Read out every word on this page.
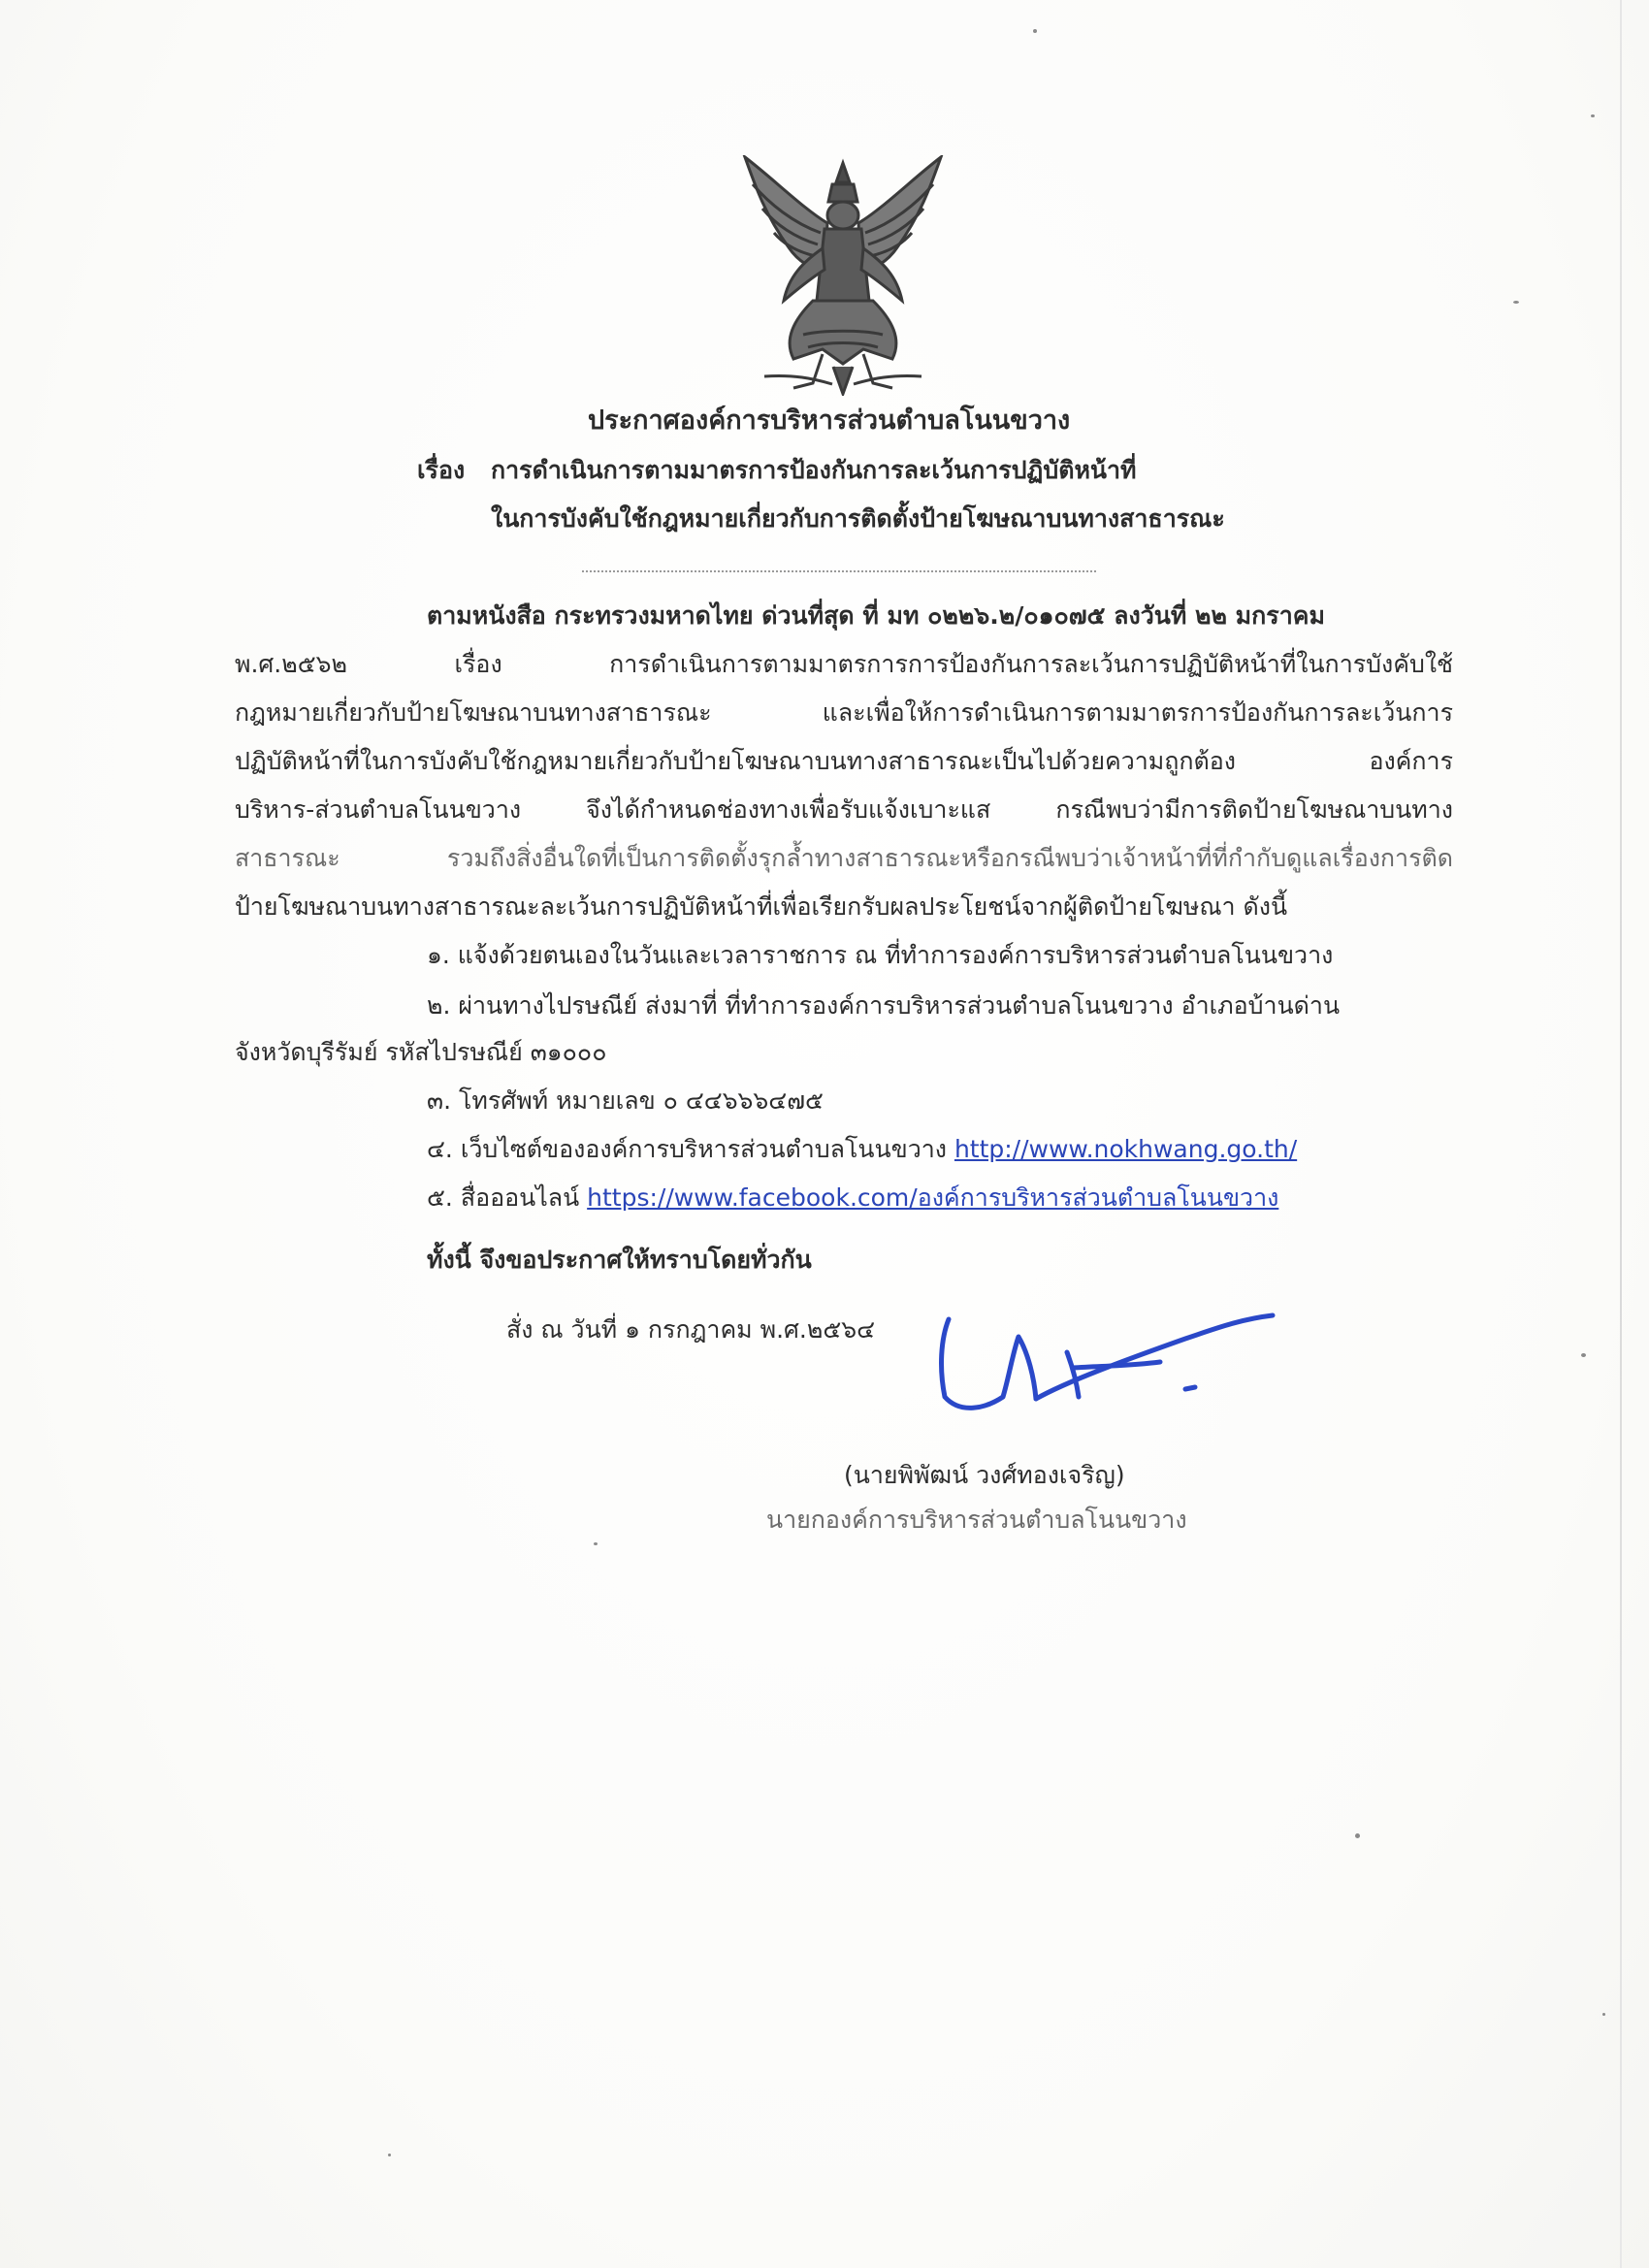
ประกาศองค์การบริหารส่วนตำบลโนนขวาง
เรื่อง การดำเนินการตามมาตรการป้องกันการละเว้นการปฏิบัติหน้าที่
ในการบังคับใช้กฎหมายเกี่ยวกับการติดตั้งป้ายโฆษณาบนทางสาธารณะ
ตามหนังสือ กระทรวงมหาดไทย ด่วนที่สุด ที่ มท ๐๒๒๖.๒/๐๑๐๗๕ ลงวันที่ ๒๒ มกราคม
พ.ศ.๒๕๖๒ เรื่อง การดำเนินการตามมาตรการการป้องกันการละเว้นการปฏิบัติหน้าที่ในการบังคับใช้
กฎหมายเกี่ยวกับป้ายโฆษณาบนทางสาธารณะ และเพื่อให้การดำเนินการตามมาตรการป้องกันการละเว้นการ
ปฏิบัติหน้าที่ในการบังคับใช้กฎหมายเกี่ยวกับป้ายโฆษณาบนทางสาธารณะเป็นไปด้วยความถูกต้อง องค์การ
บริหาร-ส่วนตำบลโนนขวาง จึงได้กำหนดช่องทางเพื่อรับแจ้งเบาะแส กรณีพบว่ามีการติดป้ายโฆษณาบนทาง
สาธารณะ รวมถึงสิ่งอื่นใดที่เป็นการติดตั้งรุกล้ำทางสาธารณะหรือกรณีพบว่าเจ้าหน้าที่ที่กำกับดูแลเรื่องการติด
ป้ายโฆษณาบนทางสาธารณะละเว้นการปฏิบัติหน้าที่เพื่อเรียกรับผลประโยชน์จากผู้ติดป้ายโฆษณา ดังนี้
๑. แจ้งด้วยตนเองในวันและเวลาราชการ ณ ที่ทำการองค์การบริหารส่วนตำบลโนนขวาง
๒. ผ่านทางไปรษณีย์ ส่งมาที่ ที่ทำการองค์การบริหารส่วนตำบลโนนขวาง อำเภอบ้านด่าน
จังหวัดบุรีรัมย์ รหัสไปรษณีย์ ๓๑๐๐๐
๓. โทรศัพท์ หมายเลข ๐ ๔๔๖๖๖๔๗๕
๔. เว็บไซต์ขององค์การบริหารส่วนตำบลโนนขวาง http://www.nokhwang.go.th/
๕. สื่อออนไลน์ https://www.facebook.com/องค์การบริหารส่วนตำบลโนนขวาง
ทั้งนี้ จึงขอประกาศให้ทราบโดยทั่วกัน
สั่ง ณ วันที่ ๑ กรกฎาคม พ.ศ.๒๕๖๔
(นายพิพัฒน์ วงศ์ทองเจริญ)
นายกองค์การบริหารส่วนตำบลโนนขวาง
